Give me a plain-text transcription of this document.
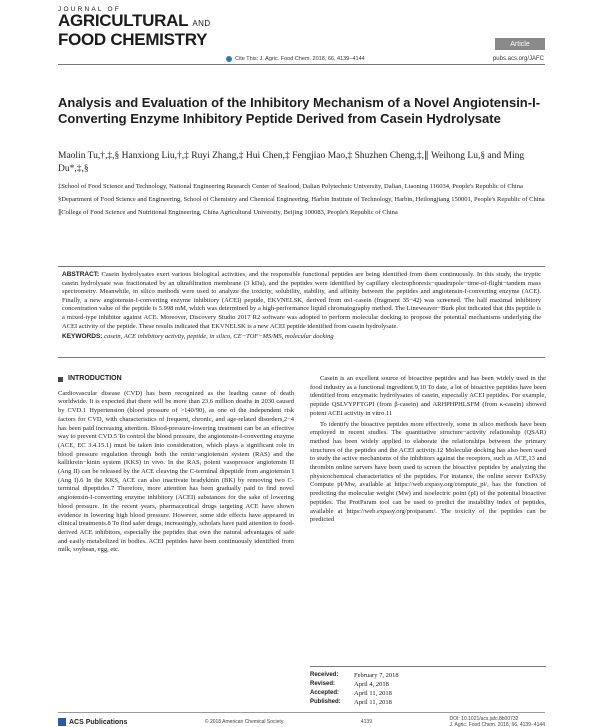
JOURNAL OF
AGRICULTURAL AND
FOOD CHEMISTRY	Article
Cite This: J. Agric. Food Chem. 2018, 66, 4139−4144	pubs.acs.org/JAFC
Analysis and Evaluation of the Inhibitory Mechanism of a Novel Angiotensin-I-Converting Enzyme Inhibitory Peptide Derived from Casein Hydrolysate
Maolin Tu,†,‡,§ Hanxiong Liu,†,‡ Ruyi Zhang,‡ Hui Chen,‡ Fengjiao Mao,‡ Shuzhen Cheng,‡,∥ Weihong Lu,§ and Ming Du*,‡,§

‡School of Food Science and Technology, National Engineering Research Center of Seafood, Dalian Polytechnic University, Dalian, Liaoning 116034, People's Republic of China

§Department of Food Science and Engineering, School of Chemistry and Chemical Engineering, Harbin Institute of Technology, Harbin, Heilongjiang 150001, People's Republic of China

∥College of Food Science and Nutritional Engineering, China Agricultural University, Beijing 100083, People's Republic of China

ABSTRACT: Casein hydrolysates exert various biological activities, and the responsible functional peptides are being identified from them continuously. In this study, the tryptic casein hydrolysate was fractionated by an ultrafiltration membrane (3 kDa), and the peptides were identified by capillary electrophoresis−quadrupole−time-of-flight−tandem mass spectrometry. Meanwhile, in silico methods were used to analyze the toxicity, solubility, stability, and affinity between the peptides and angiotensin-I-converting enzyme (ACE). Finally, a new angiotensin-I-converting enzyme inhibitory (ACEI) peptide, EKVNELSK, derived from αs1-casein (fragment 35−42) was screened. The half maximal inhibitory concentration value of the peptide is 5.998 mM, which was determined by a high-performance liquid chromatography method. The Lineweaver−Burk plot indicated that this peptide is a mixed-type inhibitor against ACE. Moreover, Discovery Studio 2017 R2 software was adopted to perform molecular docking to propose the potential mechanisms underlying the ACEI activity of the peptide. These results indicated that EKVNELSK is a new ACEI peptide identified from casein hydrolysate.
KEYWORDS: casein, ACE inhibitory activity, peptide, in silico, CE−TOF−MS/MS, molecular docking
INTRODUCTION

Cardiovascular disease (CVD) has been recognized as the leading cause of death worldwide. It is expected that there will be more than 23.6 million deaths in 2030 caused by CVD.1 Hypertension (blood pressure of >140/90), as one of the independent risk factors for CVD, with characteristics of frequent, chronic, and age-related disorders,2−4 has been paid increasing attention. Blood-pressure-lowering treatment can be an effective way to prevent CVD.5 To control the blood pressure, the angiotensin-I-converting enzyme (ACE, EC 3.4.15.1) must be taken into consideration, which plays a significant role in blood pressure regulation through both the renin−angiotensin system (RAS) and the kallikrein−kinin system (KKS) in vivo. In the RAS, potent vasopressor angiotensin II (Ang II) can be released by the ACE cleaving the C-terminal dipeptide from angiotensin I (Ang I).6 In the KKS, ACE can also inactivate bradykinin (BK) by removing two C-terminal dipeptides.7 Therefore, more attention has been gradually paid to find novel angiotensin-I-converting enzyme inhibitory (ACEI) substances for the sake of lowering blood pressure. In the recent years, pharmaceutical drugs targeting ACE have shown evidence in lowering high blood pressure. However, some side effects have appeared in clinical treatments.8 To find safer drugs, increasingly, scholars have paid attention to food-derived ACE inhibitors, especially the peptides that own the natural advantages of safe and easily metabolized in bodies. ACEI peptides have been continuously identified from milk, soybean, egg, etc.

Casein is an excellent source of bioactive peptides and has been widely used in the food industry as a functional ingredient.9,10 To date, a lot of bioactive peptides have been identified from enzymatic hydrolysates of casein, especially ACEI peptides. For example, peptide QSLVYPFTGPI (from β-casein) and ARHPHPHLSFM (from κ-casein) showed potent ACEI activity in vitro.11

To identify the bioactive peptides more effectively, some in silico methods have been employed in recent studies. The quantitative structure−activity relationship (QSAR) method has been widely applied to elaborate the relationships between the primary structures of the peptides and the ACEI activity.12 Molecular docking has also been used to study the active mechanisms of the inhibitors against the receptors, such as ACE,13 and thrombin online servers have been used to screen the bioactive peptides by analyzing the physicochemical characteristics of the peptides. For instance, the online server ExPASy Compute pI/Mw, available at https://web.expasy.org/compute_pi/, has the function of predicting the molecular weight (Mw) and isoelectric point (pI) of the potential bioactive peptides. The ProtParam tool can be used to predict the instability index of peptides, available at https://web.expasy.org/protparam/. The toxicity of the peptides can be predicted

Received:	February 7, 2018
Revised:	April 4, 2018
Accepted:	April 11, 2018
Published:	April 11, 2018
ACS Publications	© 2018 American Chemical Society	4139	DOI: 10.1021/acs.jafc.8b00732
J. Agric. Food Chem. 2018, 66, 4139−4144
